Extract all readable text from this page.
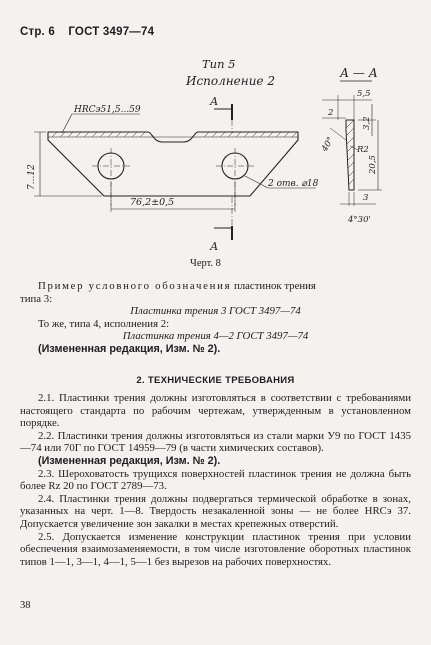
Стр. 6 ГОСТ 3497—74
Тип 5
Исполнение 2
А — А
А
А
HRCэ51,5...59
7...12
76,2±0,5
2 отв. ⌀18
5,5
2
3,2
40° R2
20,5
3
4°30'
Черт. 8

Пример условного обозначения пластинок трения

типа 3:

Пластинка трения 3 ГОСТ 3497—74

То же, типа 4, исполнения 2:

Пластинка трения 4—2 ГОСТ 3497—74

(Измененная редакция, Изм. № 2).

2. ТЕХНИЧЕСКИЕ ТРЕБОВАНИЯ

2.1. Пластинки трения должны изготовляться в соответствии с требованиями настоящего стандарта по рабочим чертежам, утвержденным в установленном порядке.

2.2. Пластинки трения должны изготовляться из стали марки У9 по ГОСТ 1435—74 или 70Г по ГОСТ 14959—79 (в части химических составов).

(Измененная редакция, Изм. № 2).

2.3. Шероховатость трущихся поверхностей пластинок трения не должна быть более Rz 20 по ГОСТ 2789—73.

2.4. Пластинки трения должны подвергаться термической обработке в зонах, указанных на черт. 1—8. Твердость незакаленной зоны — не более HRCэ 37. Допускается увеличение зон закалки в местах крепежных отверстий.

2.5. Допускается изменение конструкции пластинок трения при условии обеспечения взаимозаменяемости, в том числе изготовление оборотных пластинок типов 1—1, 3—1, 4—1, 5—1 без вырезов на рабочих поверхностях.

38
